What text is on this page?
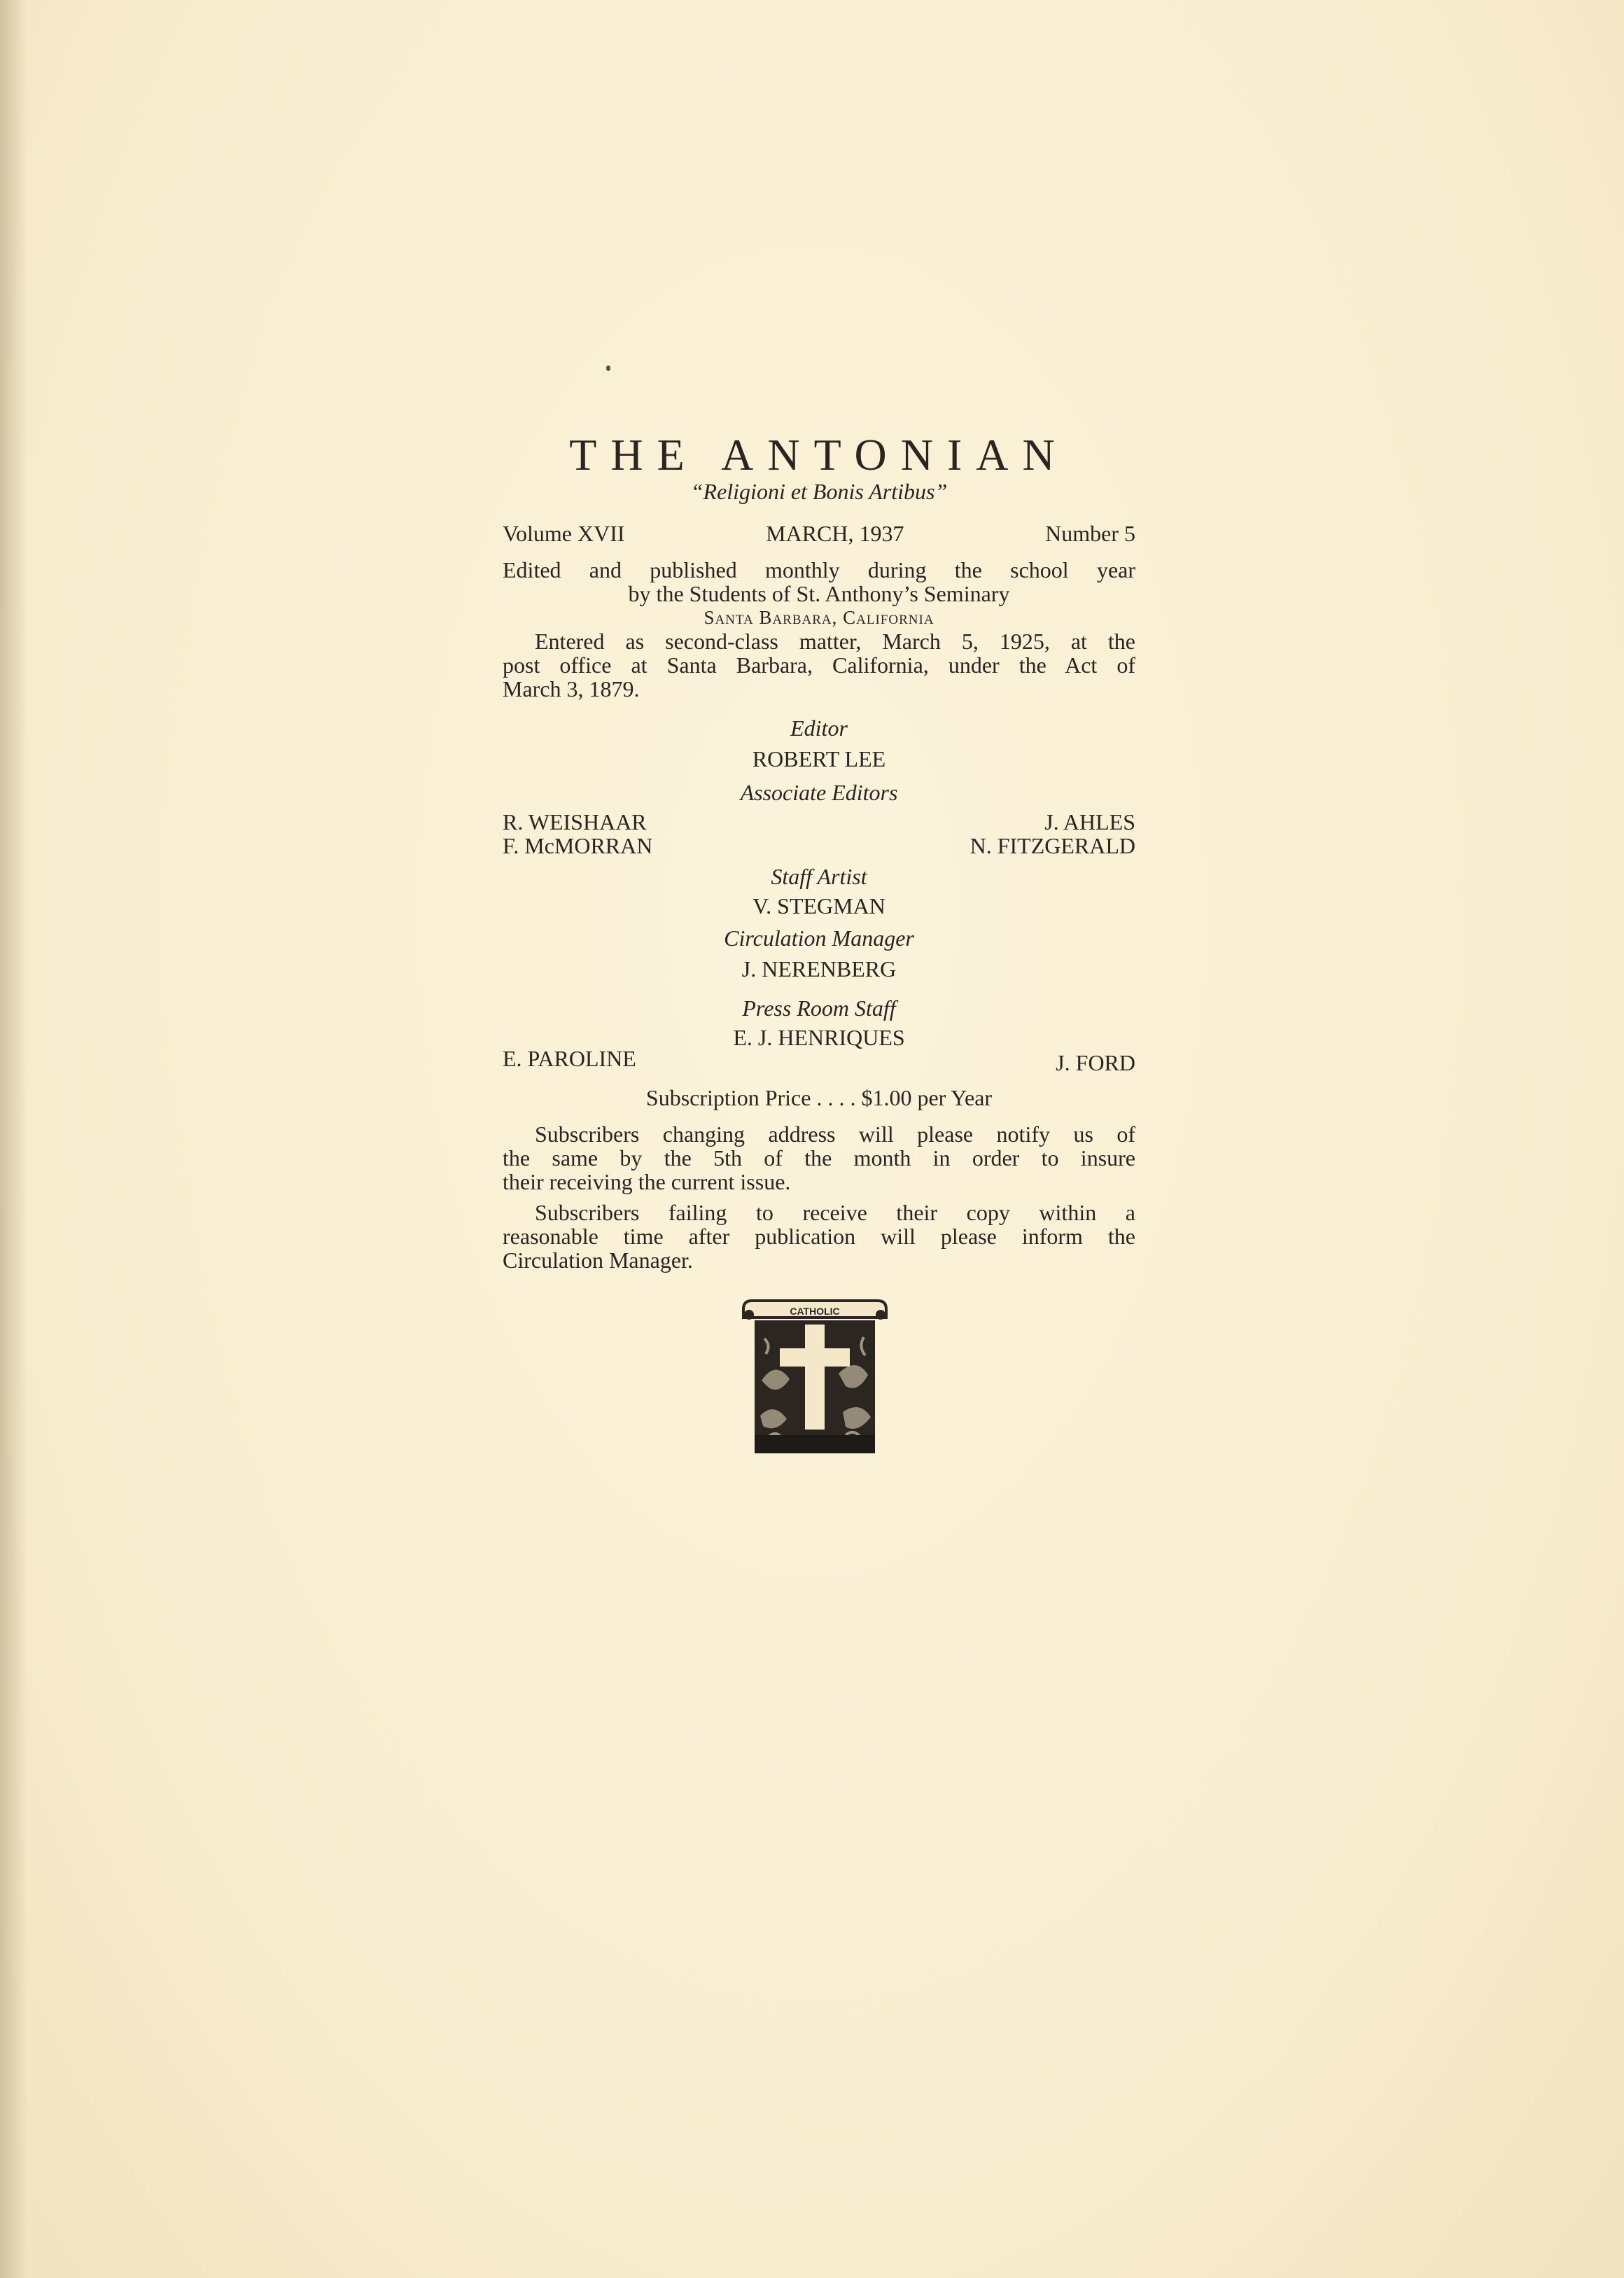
THE ANTONIAN
“Religioni et Bonis Artibus”
Volume XVII	MARCH, 1937	Number 5
Edited and published monthly during the school year
by the Students of St. Anthony’s Seminary
Santa Barbara, California
Entered as second-class matter, March 5, 1925, at the
post office at Santa Barbara, California, under the Act of
March 3, 1879.
Editor
ROBERT LEE
Associate Editors
R. WEISHAAR	J. AHLES
F. McMORRAN	N. FITZGERALD
Staff Artist
V. STEGMAN
Circulation Manager
J. NERENBERG
Press Room Staff
E. J. HENRIQUES
E. PAROLINE	J. FORD
Subscription Price . . . . $1.00 per Year
Subscribers changing address will please notify us of
the same by the 5th of the month in order to insure
their receiving the current issue.
Subscribers failing to receive their copy within a
reasonable time after publication will please inform the
Circulation Manager.
CATHOLIC
